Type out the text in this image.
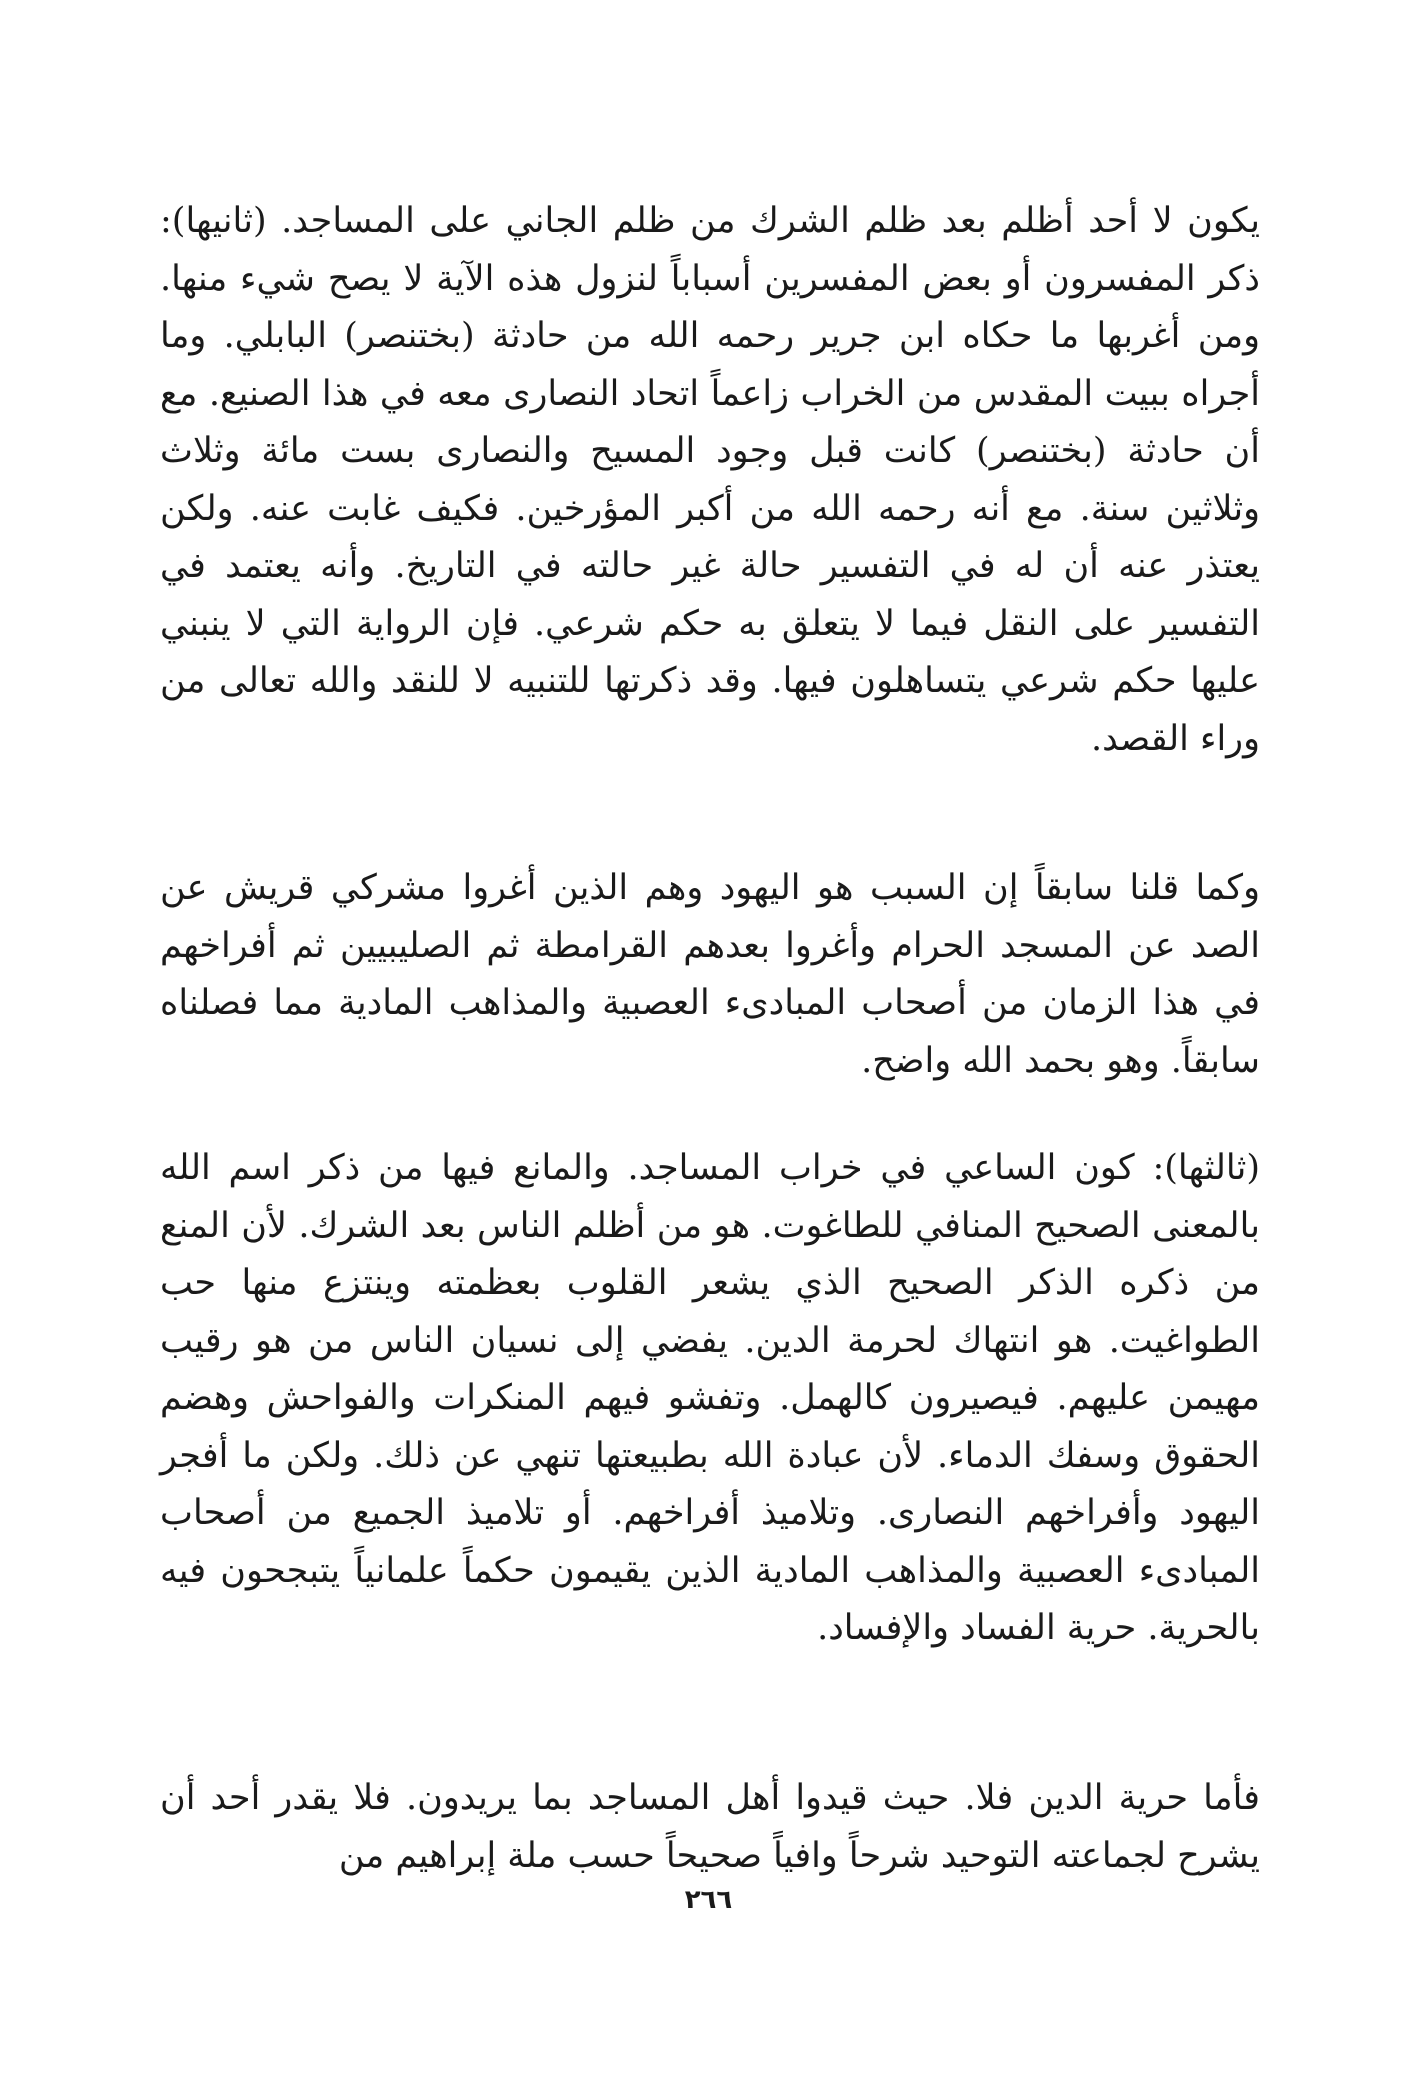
يكون لا أحد أظلم بعد ظلم الشرك من ظلم الجاني على المساجد. (ثانيها): ذكر المفسرون أو بعض المفسرين أسباباً لنزول هذه الآية لا يصح شيء منها. ومن أغربها ما حكاه ابن جرير رحمه الله من حادثة (بختنصر) البابلي. وما أجراه ببيت المقدس من الخراب زاعماً اتحاد النصارى معه في هذا الصنيع. مع أن حادثة (بختنصر) كانت قبل وجود المسيح والنصارى بست مائة وثلاث وثلاثين سنة. مع أنه رحمه الله من أكبر المؤرخين. فكيف غابت عنه. ولكن يعتذر عنه أن له في التفسير حالة غير حالته في التاريخ. وأنه يعتمد في التفسير على النقل فيما لا يتعلق به حكم شرعي. فإن الرواية التي لا ينبني عليها حكم شرعي يتساهلون فيها. وقد ذكرتها للتنبيه لا للنقد والله تعالى من وراء القصد.

وكما قلنا سابقاً إن السبب هو اليهود وهم الذين أغروا مشركي قريش عن الصد عن المسجد الحرام وأغروا بعدهم القرامطة ثم الصليبيين ثم أفراخهم في هذا الزمان من أصحاب المبادىء العصبية والمذاهب المادية مما فصلناه سابقاً. وهو بحمد الله واضح.

(ثالثها): كون الساعي في خراب المساجد. والمانع فيها من ذكر اسم الله بالمعنى الصحيح المنافي للطاغوت. هو من أظلم الناس بعد الشرك. لأن المنع من ذكره الذكر الصحيح الذي يشعر القلوب بعظمته وينتزع منها حب الطواغيت. هو انتهاك لحرمة الدين. يفضي إلى نسيان الناس من هو رقيب مهيمن عليهم. فيصيرون كالهمل. وتفشو فيهم المنكرات والفواحش وهضم الحقوق وسفك الدماء. لأن عبادة الله بطبيعتها تنهي عن ذلك. ولكن ما أفجر اليهود وأفراخهم النصارى. وتلاميذ أفراخهم. أو تلاميذ الجميع من أصحاب المبادىء العصبية والمذاهب المادية الذين يقيمون حكماً علمانياً يتبجحون فيه بالحرية. حرية الفساد والإفساد.

فأما حرية الدين فلا. حيث قيدوا أهل المساجد بما يريدون. فلا يقدر أحد أن يشرح لجماعته التوحيد شرحاً وافياً صحيحاً حسب ملة إبراهيم من

٢٦٦
